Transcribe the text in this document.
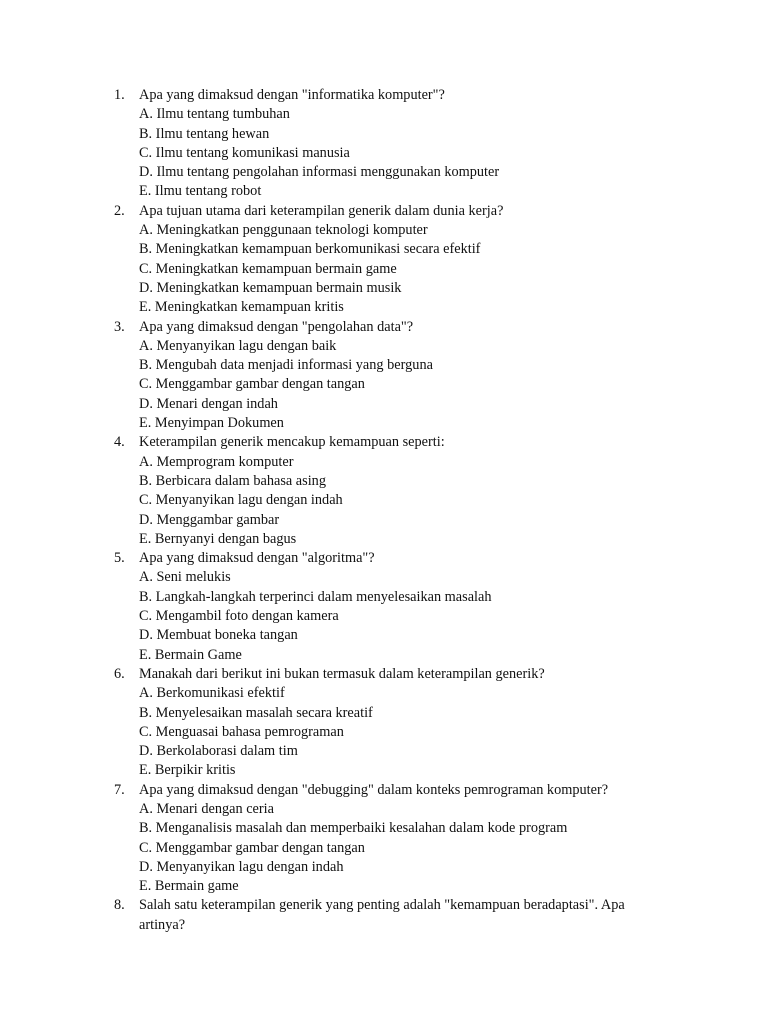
1. Apa yang dimaksud dengan "informatika komputer"?
A. Ilmu tentang tumbuhan
B. Ilmu tentang hewan
C. Ilmu tentang komunikasi manusia
D. Ilmu tentang pengolahan informasi menggunakan komputer
E. Ilmu tentang robot
2. Apa tujuan utama dari keterampilan generik dalam dunia kerja?
A. Meningkatkan penggunaan teknologi komputer
B. Meningkatkan kemampuan berkomunikasi secara efektif
C. Meningkatkan kemampuan bermain game
D. Meningkatkan kemampuan bermain musik
E. Meningkatkan kemampuan kritis
3. Apa yang dimaksud dengan "pengolahan data"?
A. Menyanyikan lagu dengan baik
B. Mengubah data menjadi informasi yang berguna
C. Menggambar gambar dengan tangan
D. Menari dengan indah
E. Menyimpan Dokumen
4. Keterampilan generik mencakup kemampuan seperti:
A. Memprogram komputer
B. Berbicara dalam bahasa asing
C. Menyanyikan lagu dengan indah
D. Menggambar gambar
E. Bernyanyi dengan bagus
5. Apa yang dimaksud dengan "algoritma"?
A. Seni melukis
B. Langkah-langkah terperinci dalam menyelesaikan masalah
C. Mengambil foto dengan kamera
D. Membuat boneka tangan
E. Bermain Game
6. Manakah dari berikut ini bukan termasuk dalam keterampilan generik?
A. Berkomunikasi efektif
B. Menyelesaikan masalah secara kreatif
C. Menguasai bahasa pemrograman
D. Berkolaborasi dalam tim
E. Berpikir kritis
7. Apa yang dimaksud dengan "debugging" dalam konteks pemrograman komputer?
A. Menari dengan ceria
B. Menganalisis masalah dan memperbaiki kesalahan dalam kode program
C. Menggambar gambar dengan tangan
D. Menyanyikan lagu dengan indah
E. Bermain game
8. Salah satu keterampilan generik yang penting adalah "kemampuan beradaptasi". Apa artinya?
